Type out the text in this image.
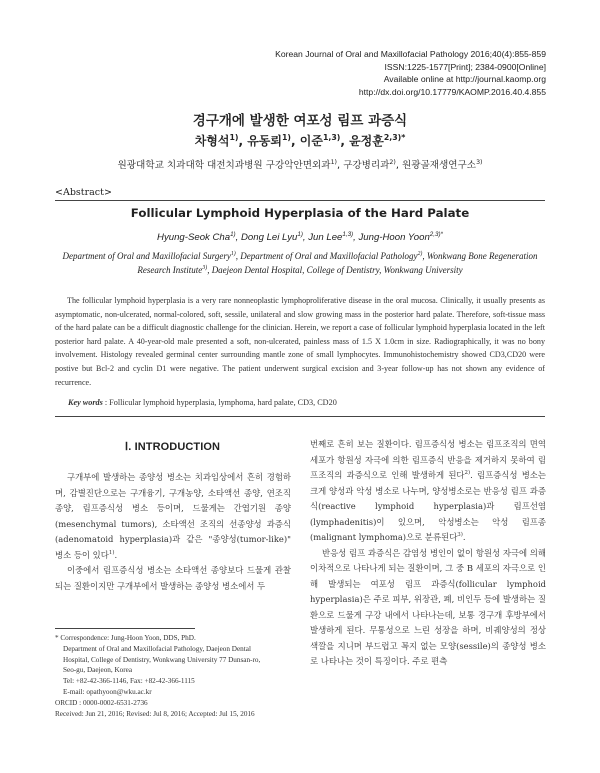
Korean Journal of Oral and Maxillofacial Pathology 2016;40(4):855-859
ISSN:1225-1577[Print]; 2384-0900[Online]
Available online at http://journal.kaomp.org
http://dx.doi.org/10.17779/KAOMP.2016.40.4.855
경구개에 발생한 여포성 림프 과증식
차형석$^{1)}$, 유동뢰$^{1)}$, 이준$^{1,3)}$, 윤정훈$^{2,3)*}$
원광대학교 치과대학 대전치과병원 구강악안면외과$^{1)}$, 구강병리과$^{2)}$, 원광골재생연구소$^{3)}$
<Abstract>
Follicular Lymphoid Hyperplasia of the Hard Palate
Hyung-Seok Cha$^{1)}$, Dong Lei Lyu$^{1)}$, Jun Lee$^{1,3)}$, Jung-Hoon Yoon$^{2,3)*}$
Department of Oral and Maxillofacial Surgery$^{1)}$, Department of Oral and Maxillofacial Pathology$^{2)}$, Wonkwang Bone Regeneration
Research Institute$^{3)}$, Daejeon Dental Hospital, College of Dentistry, Wonkwang University

The follicular lymphoid hyperplasia is a very rare nonneoplastic lymphoproliferative disease in the oral mucosa. Clinically, it usually presents as asymptomatic, non-ulcerated, normal-colored, soft, sessile, unilateral and slow growing mass in the posterior hard palate. Therefore, soft-tissue mass of the hard palate can be a difficult diagnostic challenge for the clinician. Herein, we report a case of follicular lymphoid hyperplasia located in the left posterior hard palate. A 40-year-old male presented a soft, non-ulcerated, painless mass of 1.5 X 1.0cm in size. Radiographically, it was no bony involvement. Histology revealed germinal center surrounding mantle zone of small lymphocytes. Immunohistochemistry showed CD3,CD20 were postive but Bcl-2 and cyclin D1 were negative. The patient underwent surgical excision and 3-year follow-up has not shown any evidence of recurrence.

Key words : Follicular lymphoid hyperplasia, lymphoma, hard palate, CD3, CD20
Ⅰ. INTRODUCTION

구개부에 발생하는 종양성 병소는 치과임상에서 흔히 경험하며, 감별진단으로는 구개융기, 구개농양, 소타액선 종양, 연조직 종양, 림프증식성 병소 등이며, 드물게는 간엽기원 종양(mesenchymal tumors), 소타액선 조직의 선종양성 과증식(adenomatoid hyperplasia)과 같은 "종양성(tumor-like)" 병소 등이 있다$^{1)}$.

이중에서 림프증식성 병소는 소타액선 종양보다 드물게 관찰되는 질환이지만 구개부에서 발생하는 종양성 병소에서 두

번째로 흔히 보는 질환이다. 림프증식성 병소는 림프조직의 면역세포가 항원성 자극에 의한 림프증식 반응을 제거하지 못하여 림프조직의 과증식으로 인해 발생하게 된다$^{2)}$. 림프증식성 병소는 크게 양성과 악성 병소로 나누며, 양성병소로는 반응성 림프 과증식(reactive lymphoid hyperplasia)과 림프선염(lymphadenitis)이 있으며, 악성병소는 악성 림프종(malignant lymphoma)으로 분류된다$^{3)}$.

반응성 림프 과증식은 감염성 병인이 없이 항원성 자극에 의해 이차적으로 나타나게 되는 질환이며, 그 중 B 세포의 자극으로 인해 발생되는 여포성 림프 과증식(follicular lymphoid hyperplasia)은 주로 피부, 위장관, 폐, 비인두 등에 발생하는 질환으로 드물게 구강 내에서 나타나는데, 보통 경구개 후방부에서 발생하게 된다. 무통성으로 느린 성장을 하며, 비궤양성의 정상 색깔을 지니며 부드럽고 꼭지 없는 모양(sessile)의 종양성 병소로 나타나는 것이 특징이다. 주로 편측

* Correspondence: Jung-Hoon Yoon, DDS, PhD.

Department of Oral and Maxillofacial Pathology, Daejeon Dental

Hospital, College of Dentistry, Wonkwang University 77 Dunsan-ro,

Seo-gu, Daejeon, Korea

Tel: +82-42-366-1146, Fax: +82-42-366-1115

E-mail: opathyoon@wku.ac.kr

ORCID : 0000-0002-6531-2736

Received: Jun 21, 2016; Revised: Jul 8, 2016; Accepted: Jul 15, 2016
